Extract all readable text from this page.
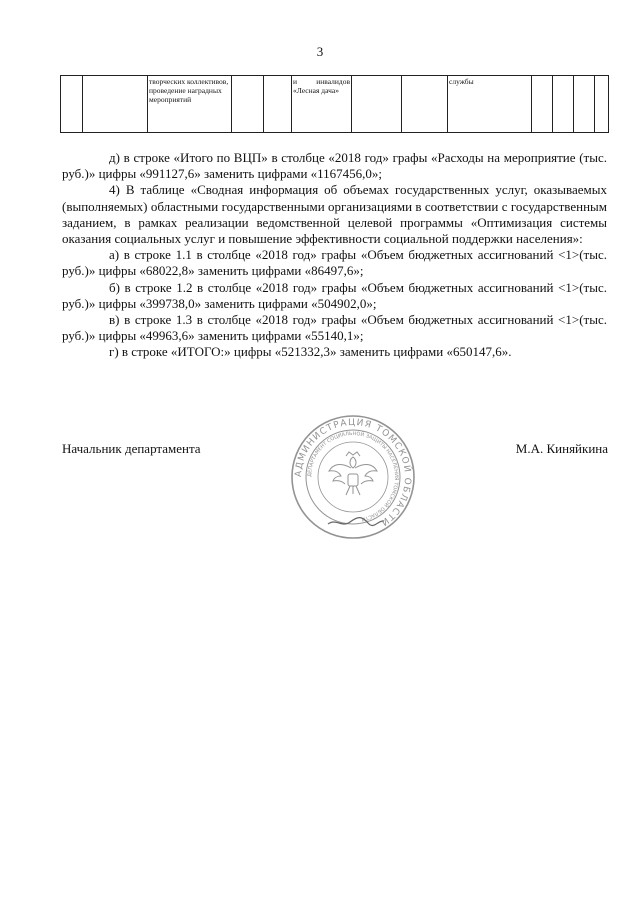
3
		творческих коллективов, проведение наградных мероприятий			и инвалидов «Лесная дача»			службы				

д) в строке «Итого по ВЦП» в столбце «2018 год» графы «Расходы на мероприятие (тыс. руб.)» цифры «991127,6» заменить цифрами «1167456,0»;

4) В таблице «Сводная информация об объемах государственных услуг, оказываемых (выполняемых) областными государственными организациями в соответствии с государственным заданием, в рамках реализации ведомственной целевой программы «Оптимизация системы оказания социальных услуг и повышение эффективности социальной поддержки населения»:

а) в строке 1.1 в столбце «2018 год» графы «Объем бюджетных ассигнований <1>(тыс. руб.)» цифры «68022,8» заменить цифрами «86497,6»;

б) в строке 1.2 в столбце «2018 год» графы «Объем бюджетных ассигнований <1>(тыс. руб.)» цифры «399738,0» заменить цифрами «504902,0»;

в) в строке 1.3 в столбце «2018 год» графы «Объем бюджетных ассигнований <1>(тыс. руб.)» цифры «49963,6» заменить цифрами «55140,1»;

г) в строке «ИТОГО:» цифры «521332,3» заменить цифрами «650147,6».

Начальник департамента	М.А. Киняйкина
АДМИНИСТРАЦИЯ ТОМСКОЙ ОБЛАСТИ
ДЕПАРТАМЕНТ СОЦИАЛЬНОЙ ЗАЩИТЫ НАСЕЛЕНИЯ ТОМСКОЙ ОБЛАСТИ
